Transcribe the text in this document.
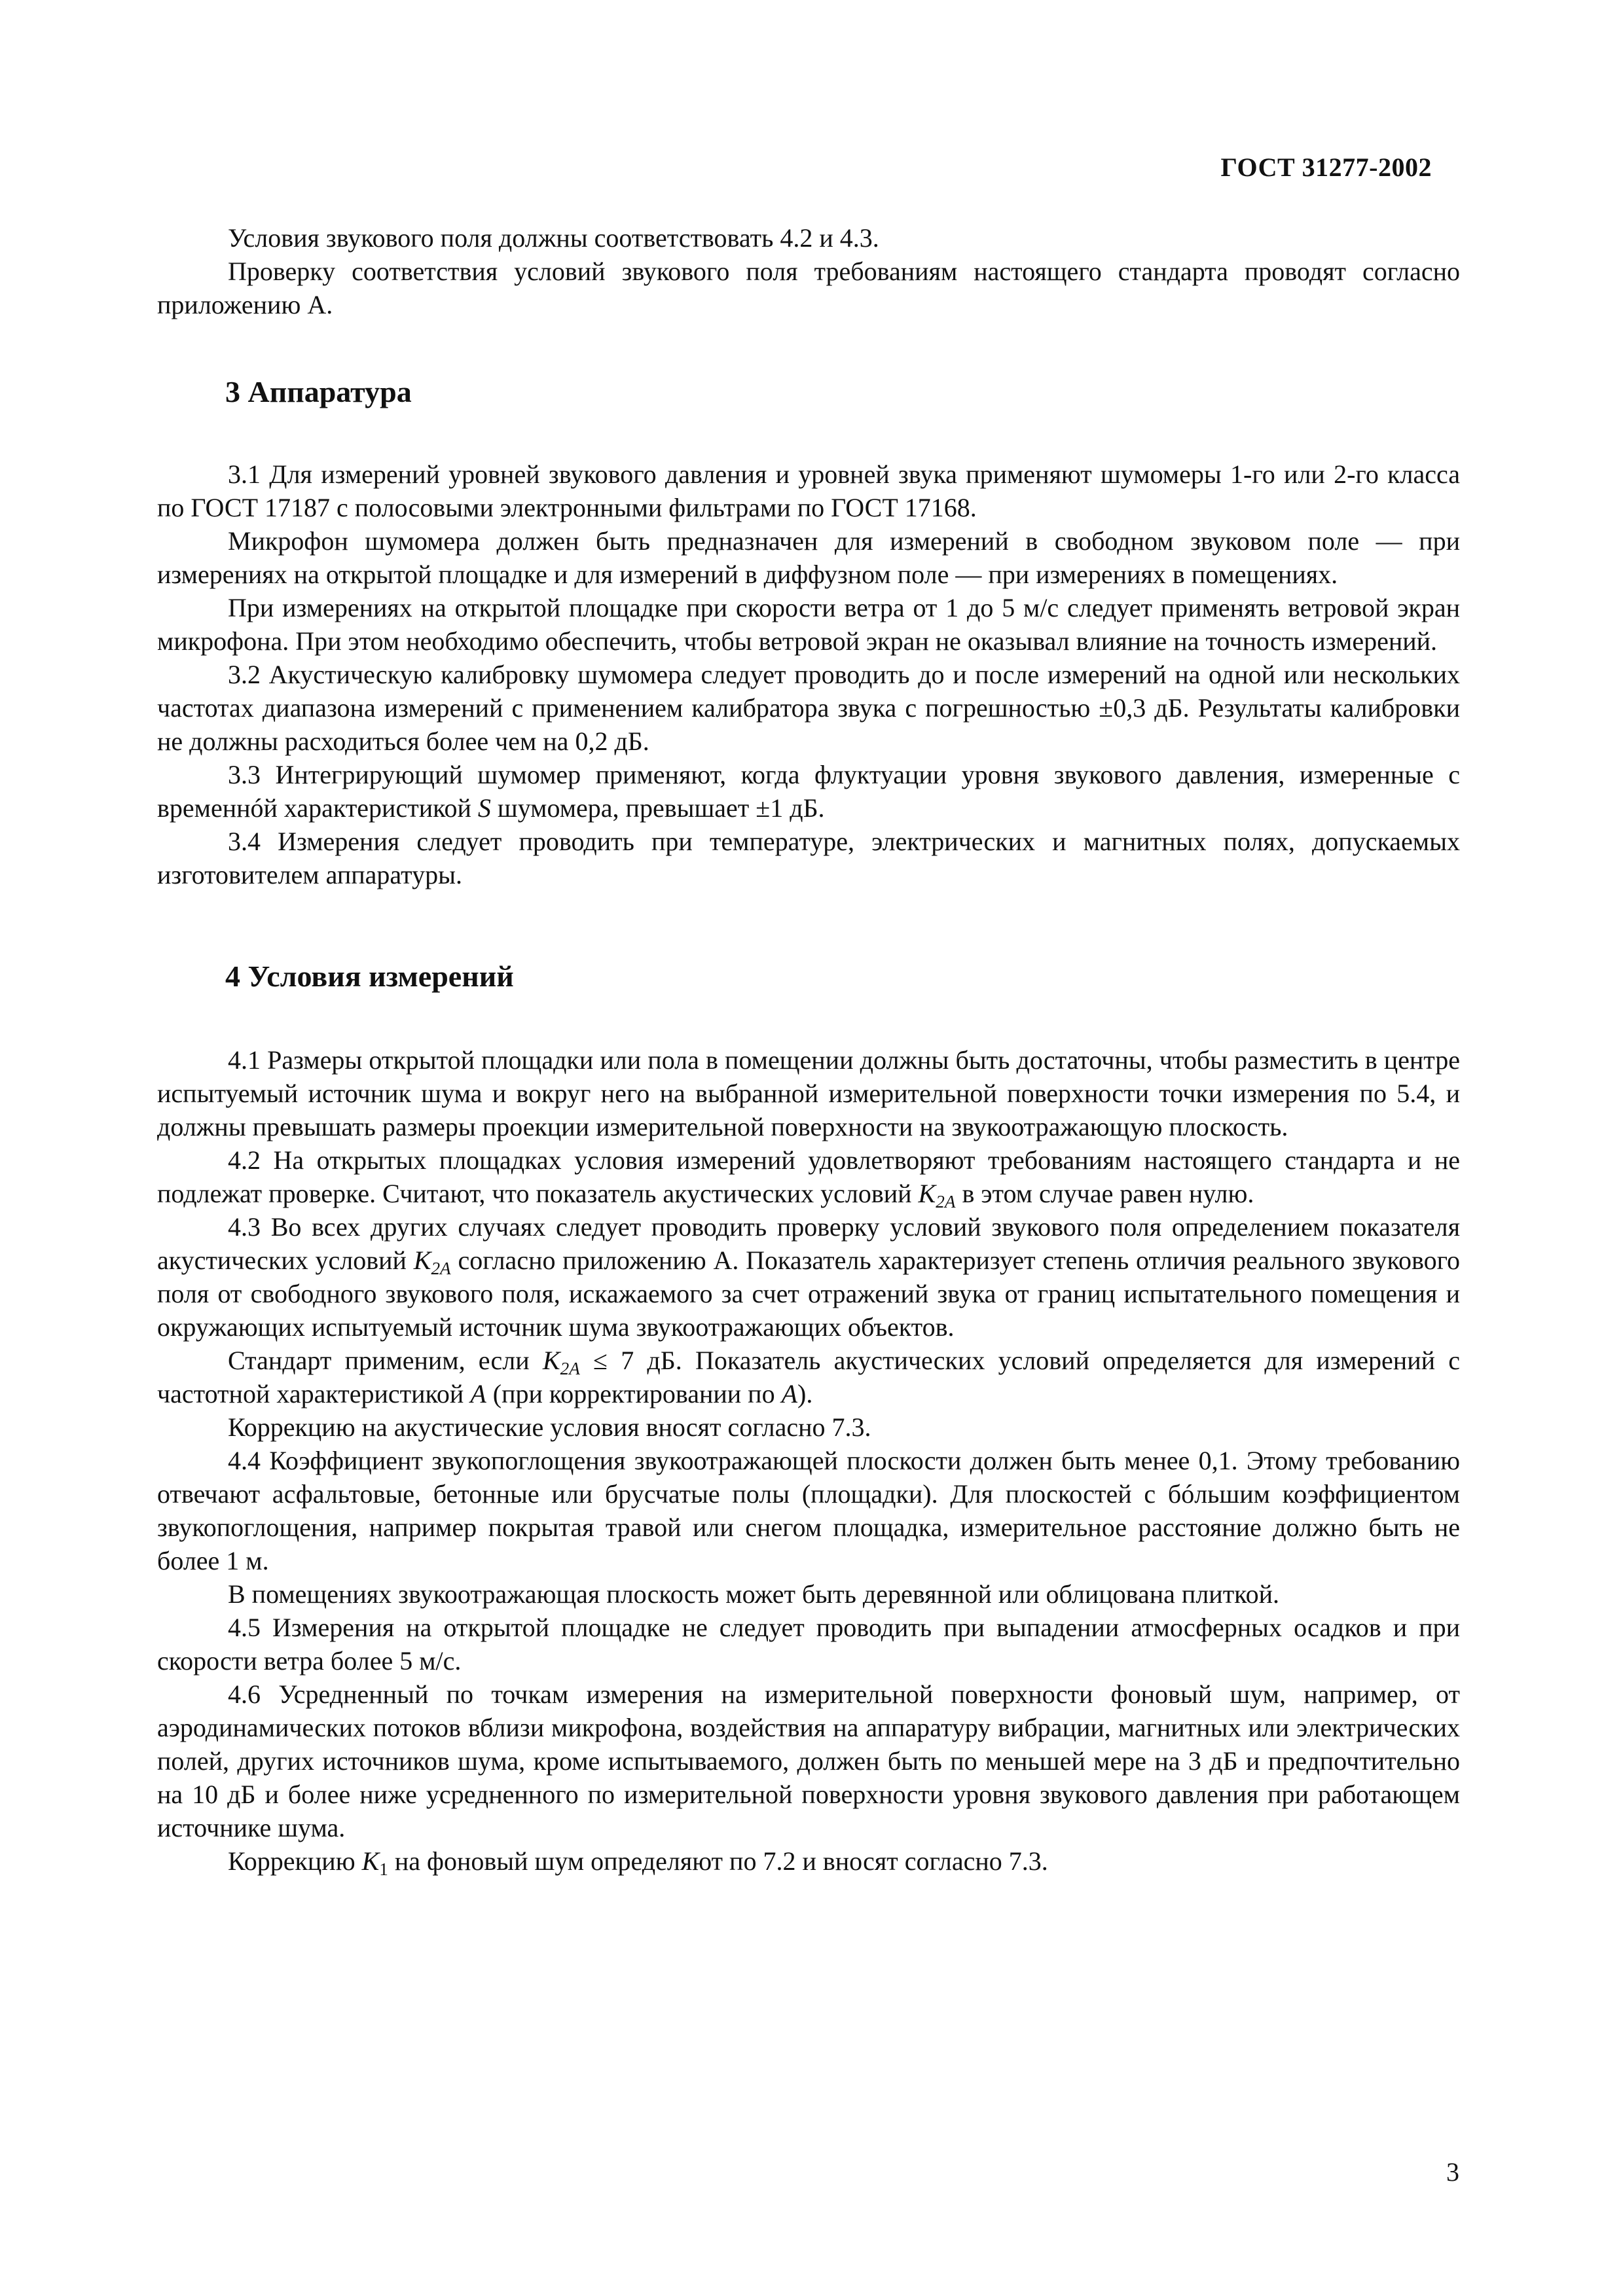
ГОСТ 31277-2002

Условия звукового поля должны соответствовать 4.2 и 4.3.

Проверку соответствия условий звукового поля требованиям настоящего стандарта проводят согласно приложению А.

3 Аппаратура

3.1 Для измерений уровней звукового давления и уровней звука применяют шумомеры 1-го или 2-го класса по ГОСТ 17187 с полосовыми электронными фильтрами по ГОСТ 17168.

Микрофон шумомера должен быть предназначен для измерений в свободном звуковом поле — при измерениях на открытой площадке и для измерений в диффузном поле — при измерениях в помещениях.

При измерениях на открытой площадке при скорости ветра от 1 до 5 м/с следует применять ветровой экран микрофона. При этом необходимо обеспечить, чтобы ветровой экран не оказывал влияние на точность измерений.

3.2 Акустическую калибровку шумомера следует проводить до и после измерений на одной или нескольких частотах диапазона измерений с применением калибратора звука с погрешностью ±0,3 дБ. Результаты калибровки не должны расходиться более чем на 0,2 дБ.

3.3 Интегрирующий шумомер применяют, когда флуктуации уровня звукового давления, измеренные с временнóй характеристикой S шумомера, превышает ±1 дБ.

3.4 Измерения следует проводить при температуре, электрических и магнитных полях, допускаемых изготовителем аппаратуры.

4 Условия измерений

4.1 Размеры открытой площадки или пола в помещении должны быть достаточны, чтобы разместить в центре испытуемый источник шума и вокруг него на выбранной измерительной поверхности точки измерения по 5.4, и должны превышать размеры проекции измерительной поверхности на звукоотражающую плоскость.

4.2 На открытых площадках условия измерений удовлетворяют требованиям настоящего стандарта и не подлежат проверке. Считают, что показатель акустических условий $K_{2A}$ в этом случае равен нулю.

4.3 Во всех других случаях следует проводить проверку условий звукового поля определением показателя акустических условий $K_{2A}$ согласно приложению А. Показатель характеризует степень отличия реального звукового поля от свободного звукового поля, искажаемого за счет отражений звука от границ испытательного помещения и окружающих испытуемый источник шума звукоотражающих объектов.

Стандарт применим, если $K_{2A} \le 7$ дБ. Показатель акустических условий определяется для измерений с частотной характеристикой A (при корректировании по A).

Коррекцию на акустические условия вносят согласно 7.3.

4.4 Коэффициент звукопоглощения звукоотражающей плоскости должен быть менее 0,1. Этому требованию отвечают асфальтовые, бетонные или брусчатые полы (площадки). Для плоскостей с бóльшим коэффициентом звукопоглощения, например покрытая травой или снегом площадка, измерительное расстояние должно быть не более 1 м.

В помещениях звукоотражающая плоскость может быть деревянной или облицована плиткой.

4.5 Измерения на открытой площадке не следует проводить при выпадении атмосферных осадков и при скорости ветра более 5 м/с.

4.6 Усредненный по точкам измерения на измерительной поверхности фоновый шум, например, от аэродинамических потоков вблизи микрофона, воздействия на аппаратуру вибрации, магнитных или электрических полей, других источников шума, кроме испытываемого, должен быть по меньшей мере на 3 дБ и предпочтительно на 10 дБ и более ниже усредненного по измерительной поверхности уровня звукового давления при работающем источнике шума.

Коррекцию $K_1$ на фоновый шум определяют по 7.2 и вносят согласно 7.3.

3
